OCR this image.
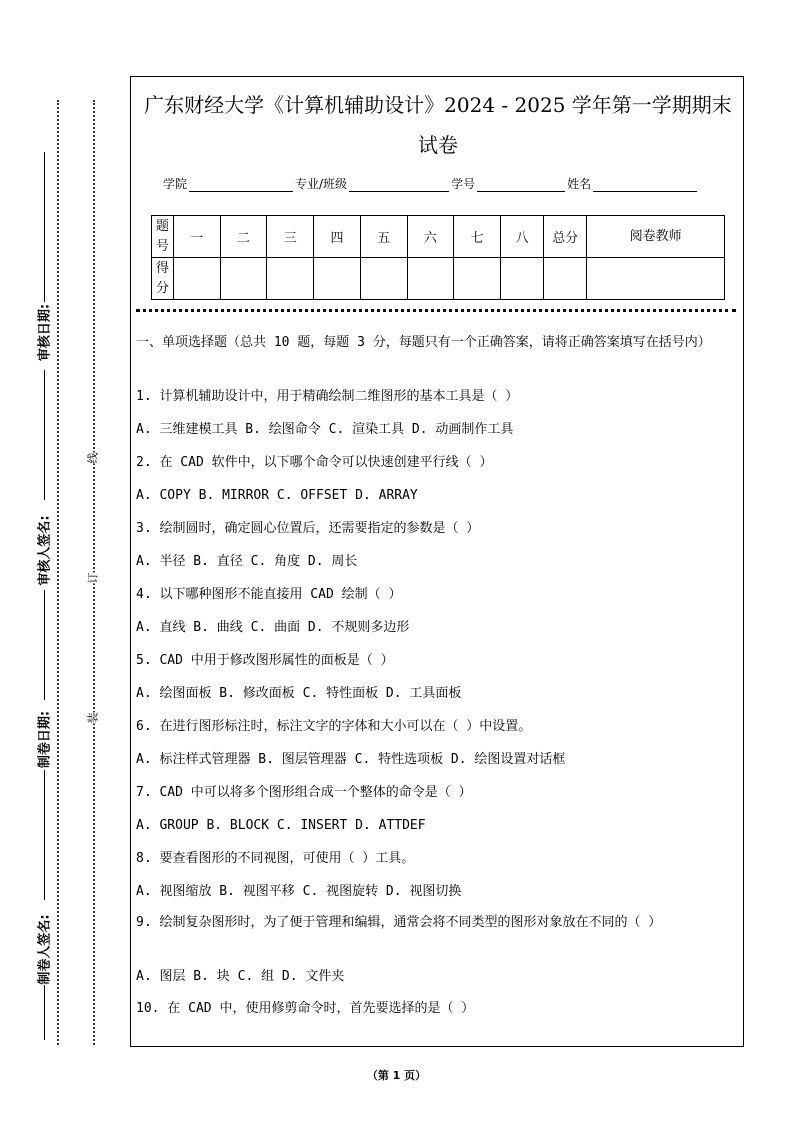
审核日期:
审核人签名:
制卷日期:
制卷人签名:
线
订
装
广东财经大学《计算机辅助设计》2024 - 2025 学年第一学期期末
试卷
学院	专业/班级	学号	姓名
题号	一	二	三	四	五	六	七	八	总分	阅卷教师
得分										
一、单项选择题（总共 10 题，每题 3 分，每题只有一个正确答案，请将正确答案填写在括号内）
1. 计算机辅助设计中，用于精确绘制二维图形的基本工具是（ ）
A. 三维建模工具 B. 绘图命令 C. 渲染工具 D. 动画制作工具
2. 在 CAD 软件中，以下哪个命令可以快速创建平行线（ ）
A. COPY B. MIRROR C. OFFSET D. ARRAY
3. 绘制圆时，确定圆心位置后，还需要指定的参数是（ ）
A. 半径 B. 直径 C. 角度 D. 周长
4. 以下哪种图形不能直接用 CAD 绘制（ ）
A. 直线 B. 曲线 C. 曲面 D. 不规则多边形
5. CAD 中用于修改图形属性的面板是（ ）
A. 绘图面板 B. 修改面板 C. 特性面板 D. 工具面板
6. 在进行图形标注时，标注文字的字体和大小可以在（ ）中设置。
A. 标注样式管理器 B. 图层管理器 C. 特性选项板 D. 绘图设置对话框
7. CAD 中可以将多个图形组合成一个整体的命令是（ ）
A. GROUP B. BLOCK C. INSERT D. ATTDEF
8. 要查看图形的不同视图，可使用（ ）工具。
A. 视图缩放 B. 视图平移 C. 视图旋转 D. 视图切换
9. 绘制复杂图形时，为了便于管理和编辑，通常会将不同类型的图形对象放在不同的（ ）
A. 图层 B. 块 C. 组 D. 文件夹
10. 在 CAD 中，使用修剪命令时，首先要选择的是（ ）
（第 1 页）
